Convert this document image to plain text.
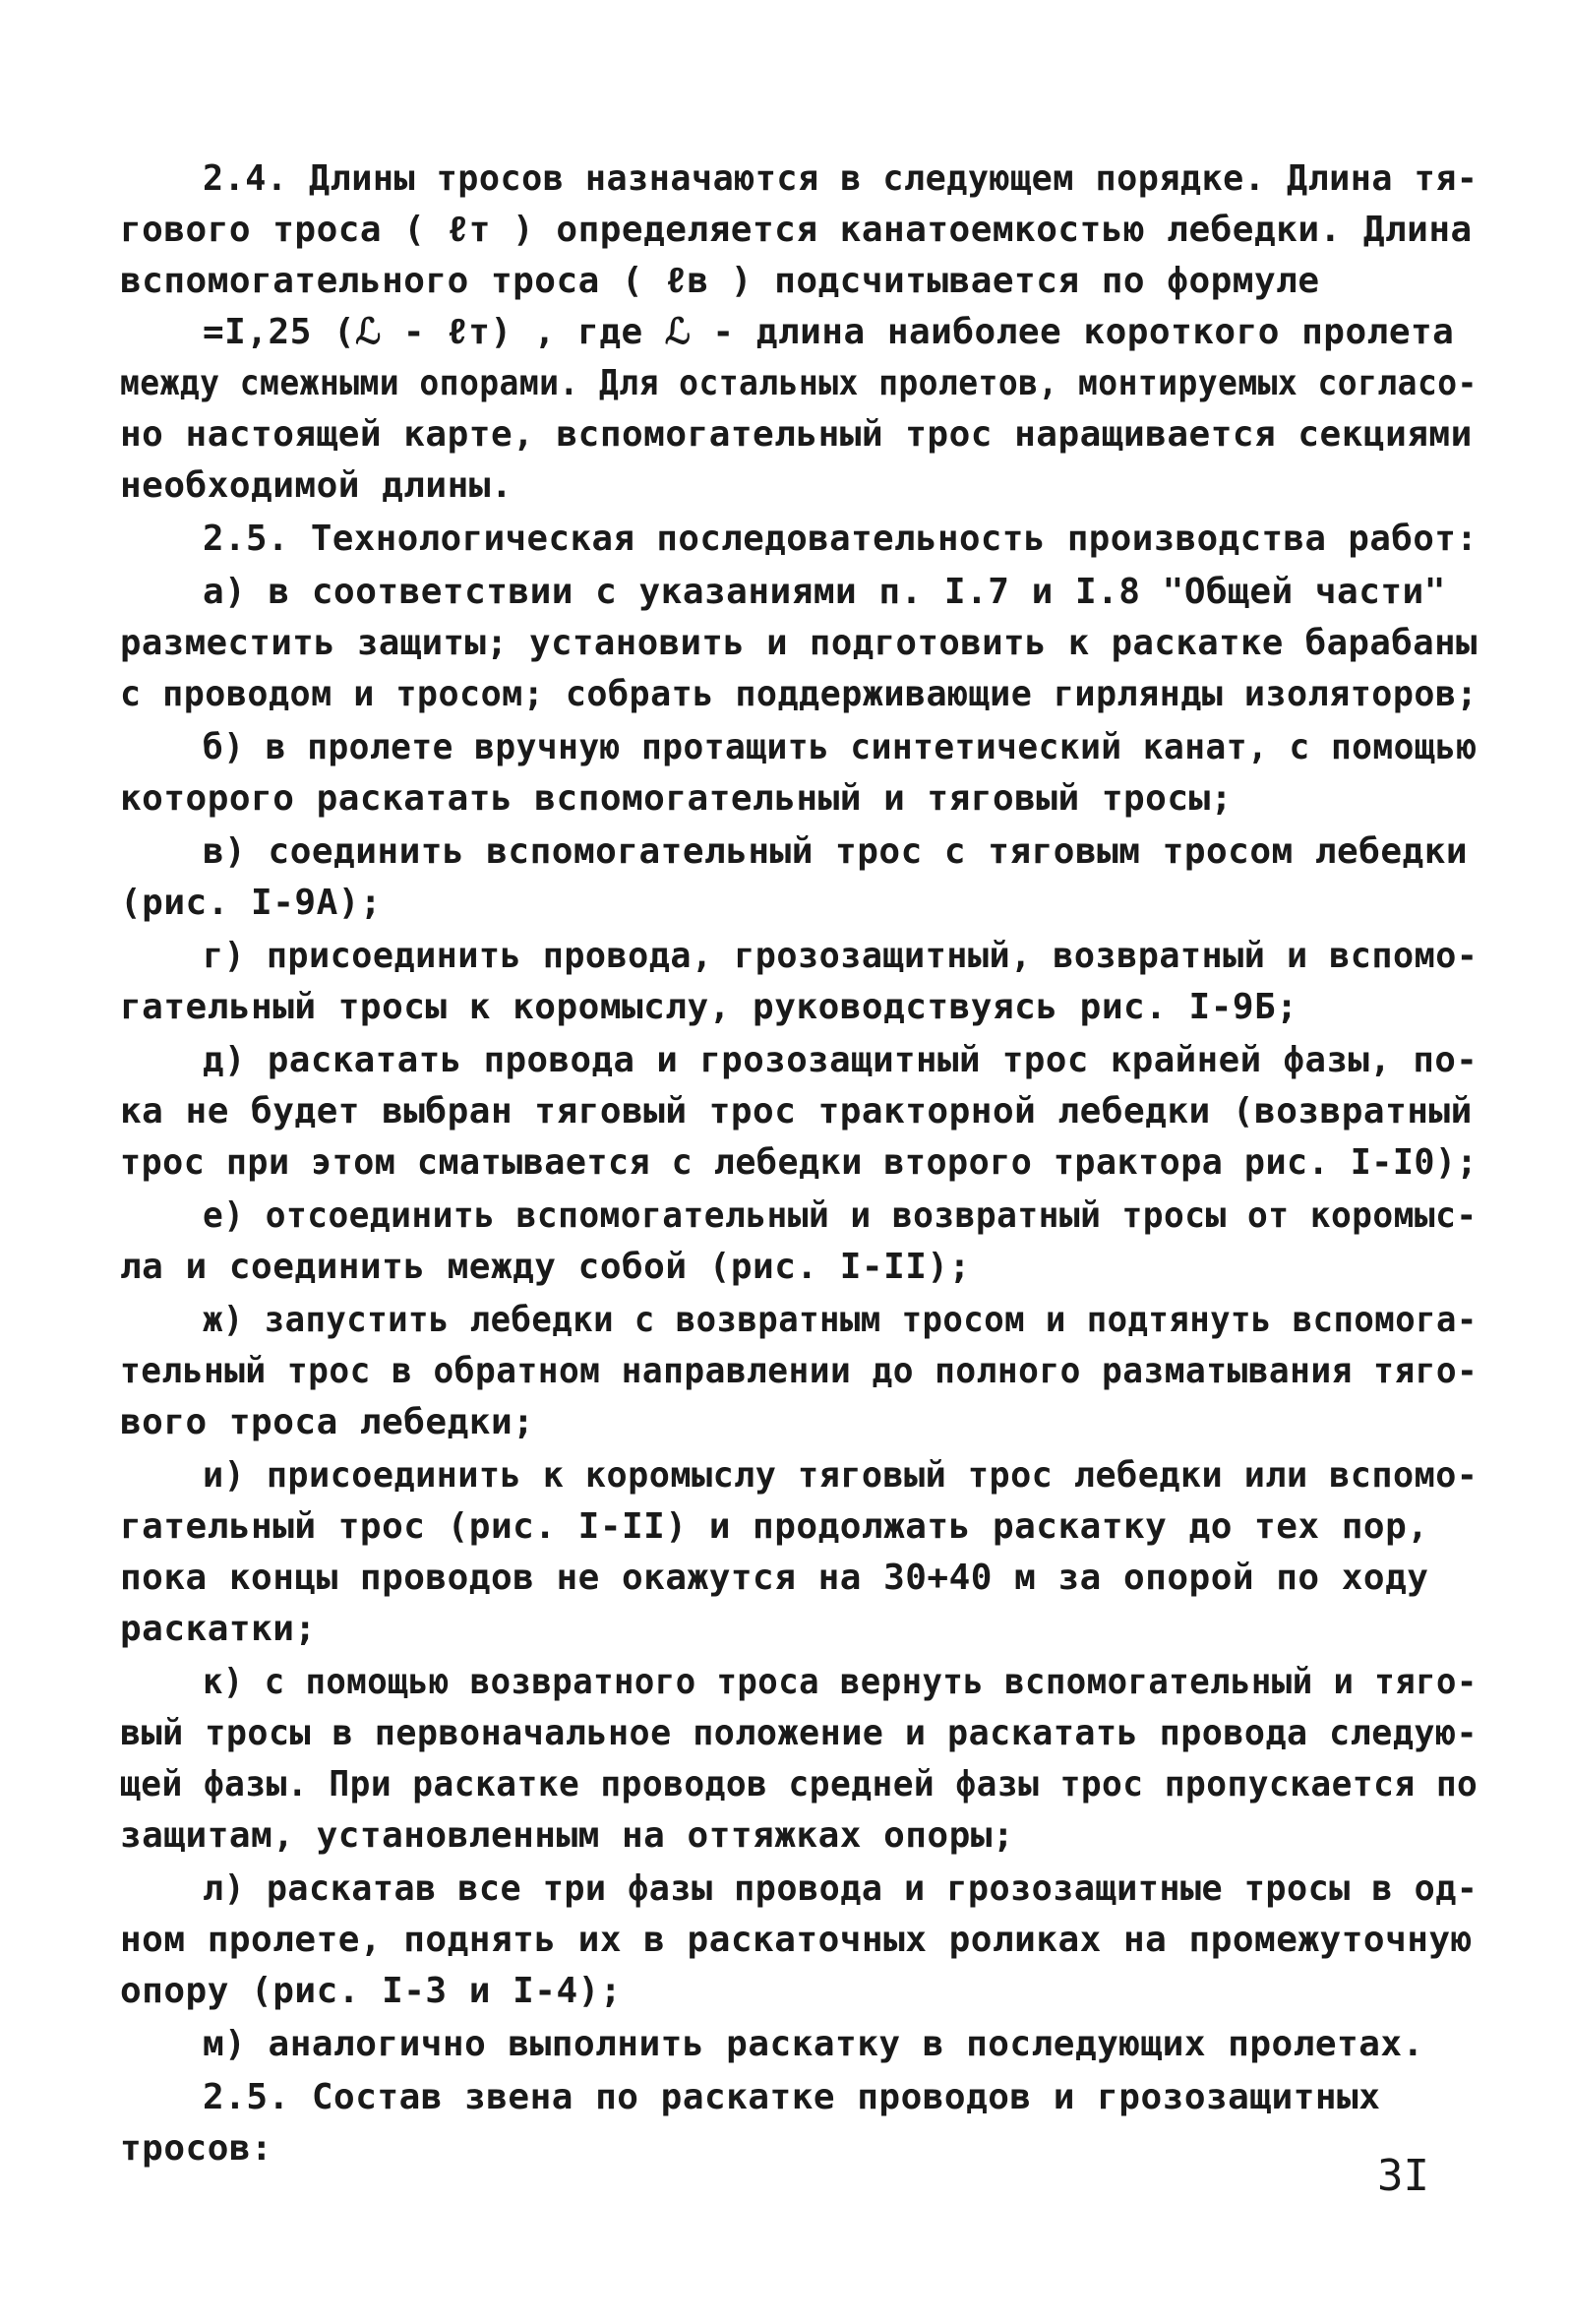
2.4. Длины тросов назначаются в следующем порядке. Длина тя-
гового троса ( ℓт ) определяется канатоемкостью лебедки. Длина
вспомогательного троса ( ℓв ) подсчитывается по формуле
=I,25 (ℒ - ℓт) , где ℒ - длина наиболее короткого пролета
между смежными опорами. Для остальных пролетов, монтируемых согласо-
но настоящей карте, вспомогательный трос наращивается секциями
необходимой длины.
2.5. Технологическая последовательность производства работ:
а) в соответствии с указаниями п. I.7 и I.8 "Общей части"
разместить защиты; установить и подготовить к раскатке барабаны
с проводом и тросом; собрать поддерживающие гирлянды изоляторов;
б) в пролете вручную протащить синтетический канат, с помощью
которого раскатать вспомогательный и тяговый тросы;
в) соединить вспомогательный трос с тяговым тросом лебедки
(рис. I-9А);
г) присоединить провода, грозозащитный, возвратный и вспомо-
гательный тросы к коромыслу, руководствуясь рис. I-9Б;
д) раскатать провода и грозозащитный трос крайней фазы, по-
ка не будет выбран тяговый трос тракторной лебедки (возвратный
трос при этом сматывается с лебедки второго трактора рис. I-I0);
е) отсоединить вспомогательный и возвратный тросы от коромыс-
ла и соединить между собой (рис. I-II);
ж) запустить лебедки с возвратным тросом и подтянуть вспомога-
тельный трос в обратном направлении до полного разматывания тяго-
вого троса лебедки;
и) присоединить к коромыслу тяговый трос лебедки или вспомо-
гательный трос (рис. I-II) и продолжать раскатку до тех пор,
пока концы проводов не окажутся на 30+40 м за опорой по ходу
раскатки;
к) с помощью возвратного троса вернуть вспомогательный и тяго-
вый тросы в первоначальное положение и раскатать провода следую-
щей фазы. При раскатке проводов средней фазы трос пропускается по
защитам, установленным на оттяжках опоры;
л) раскатав все три фазы провода и грозозащитные тросы в од-
ном пролете, поднять их в раскаточных роликах на промежуточную
опору (рис. I-3 и I-4);
м) аналогично выполнить раскатку в последующих пролетах.
2.5. Состав звена по раскатке проводов и грозозащитных
тросов:
3I
